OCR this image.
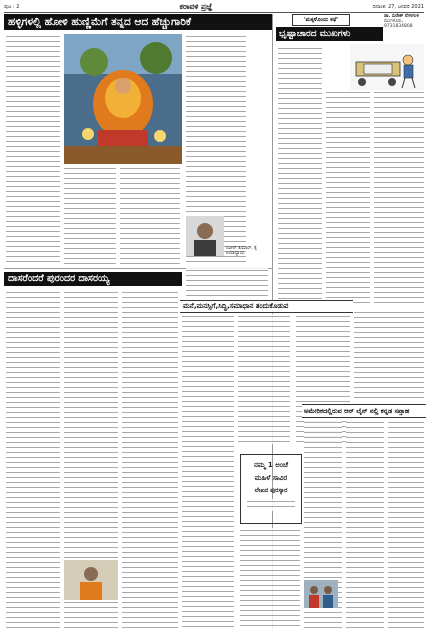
ಪುಟ : 2	ಕರಾವಳಿ ಪ್ರಜ್ಞೆ	ದಿನಾಂಕ: 27, ಜನವರಿ 2021
ಹಳ್ಳಿಗಳಲ್ಲಿ ಹೋಳಿ ಹುಣ್ಣಿಮೆಗೆ ತನ್ನದ ಆದ ಹೆಚ್ಚುಗಾರಿಕೆ	'ಮಕ್ಕಳೊಂದು ಕಥೆ'
ಭೃಷ್ಟಾಚಾರದ ಮುಖಗಳು
ಡಾ. ಸುರೇಶ್ ನೆಗಳಗುಳಿ
ಮಂಗಳೂರು, 9731834808
ದಾಸರೆಂದರೆ ಪುರಂದರ ದಾಸರಯ್ಯ
ಮನೆ,ಮನಸ್ಸಿಗೆ,ಸಿದ್ಧಿ,ಸಮಾಧಾನ ತಂದುಕೊಡುವ
ನವೀನ್ ಕುಮಾರ್, ಕೈ ಉಪಾಧ್ಯಾಯ
ನಮ್ಮ 1 ಅಂಚೆ
ಮಹಿಳೆ ಸಾವಿರ
ಲೇಖನ ಪುರಸ್ಕಾರ
ಅಮೇರಿಕದಲ್ಲಿರುವ ಆನ್ ಲೈನ್ ನಲ್ಲಿ ಕನ್ನಡ ಸಪ್ತಾಹ
